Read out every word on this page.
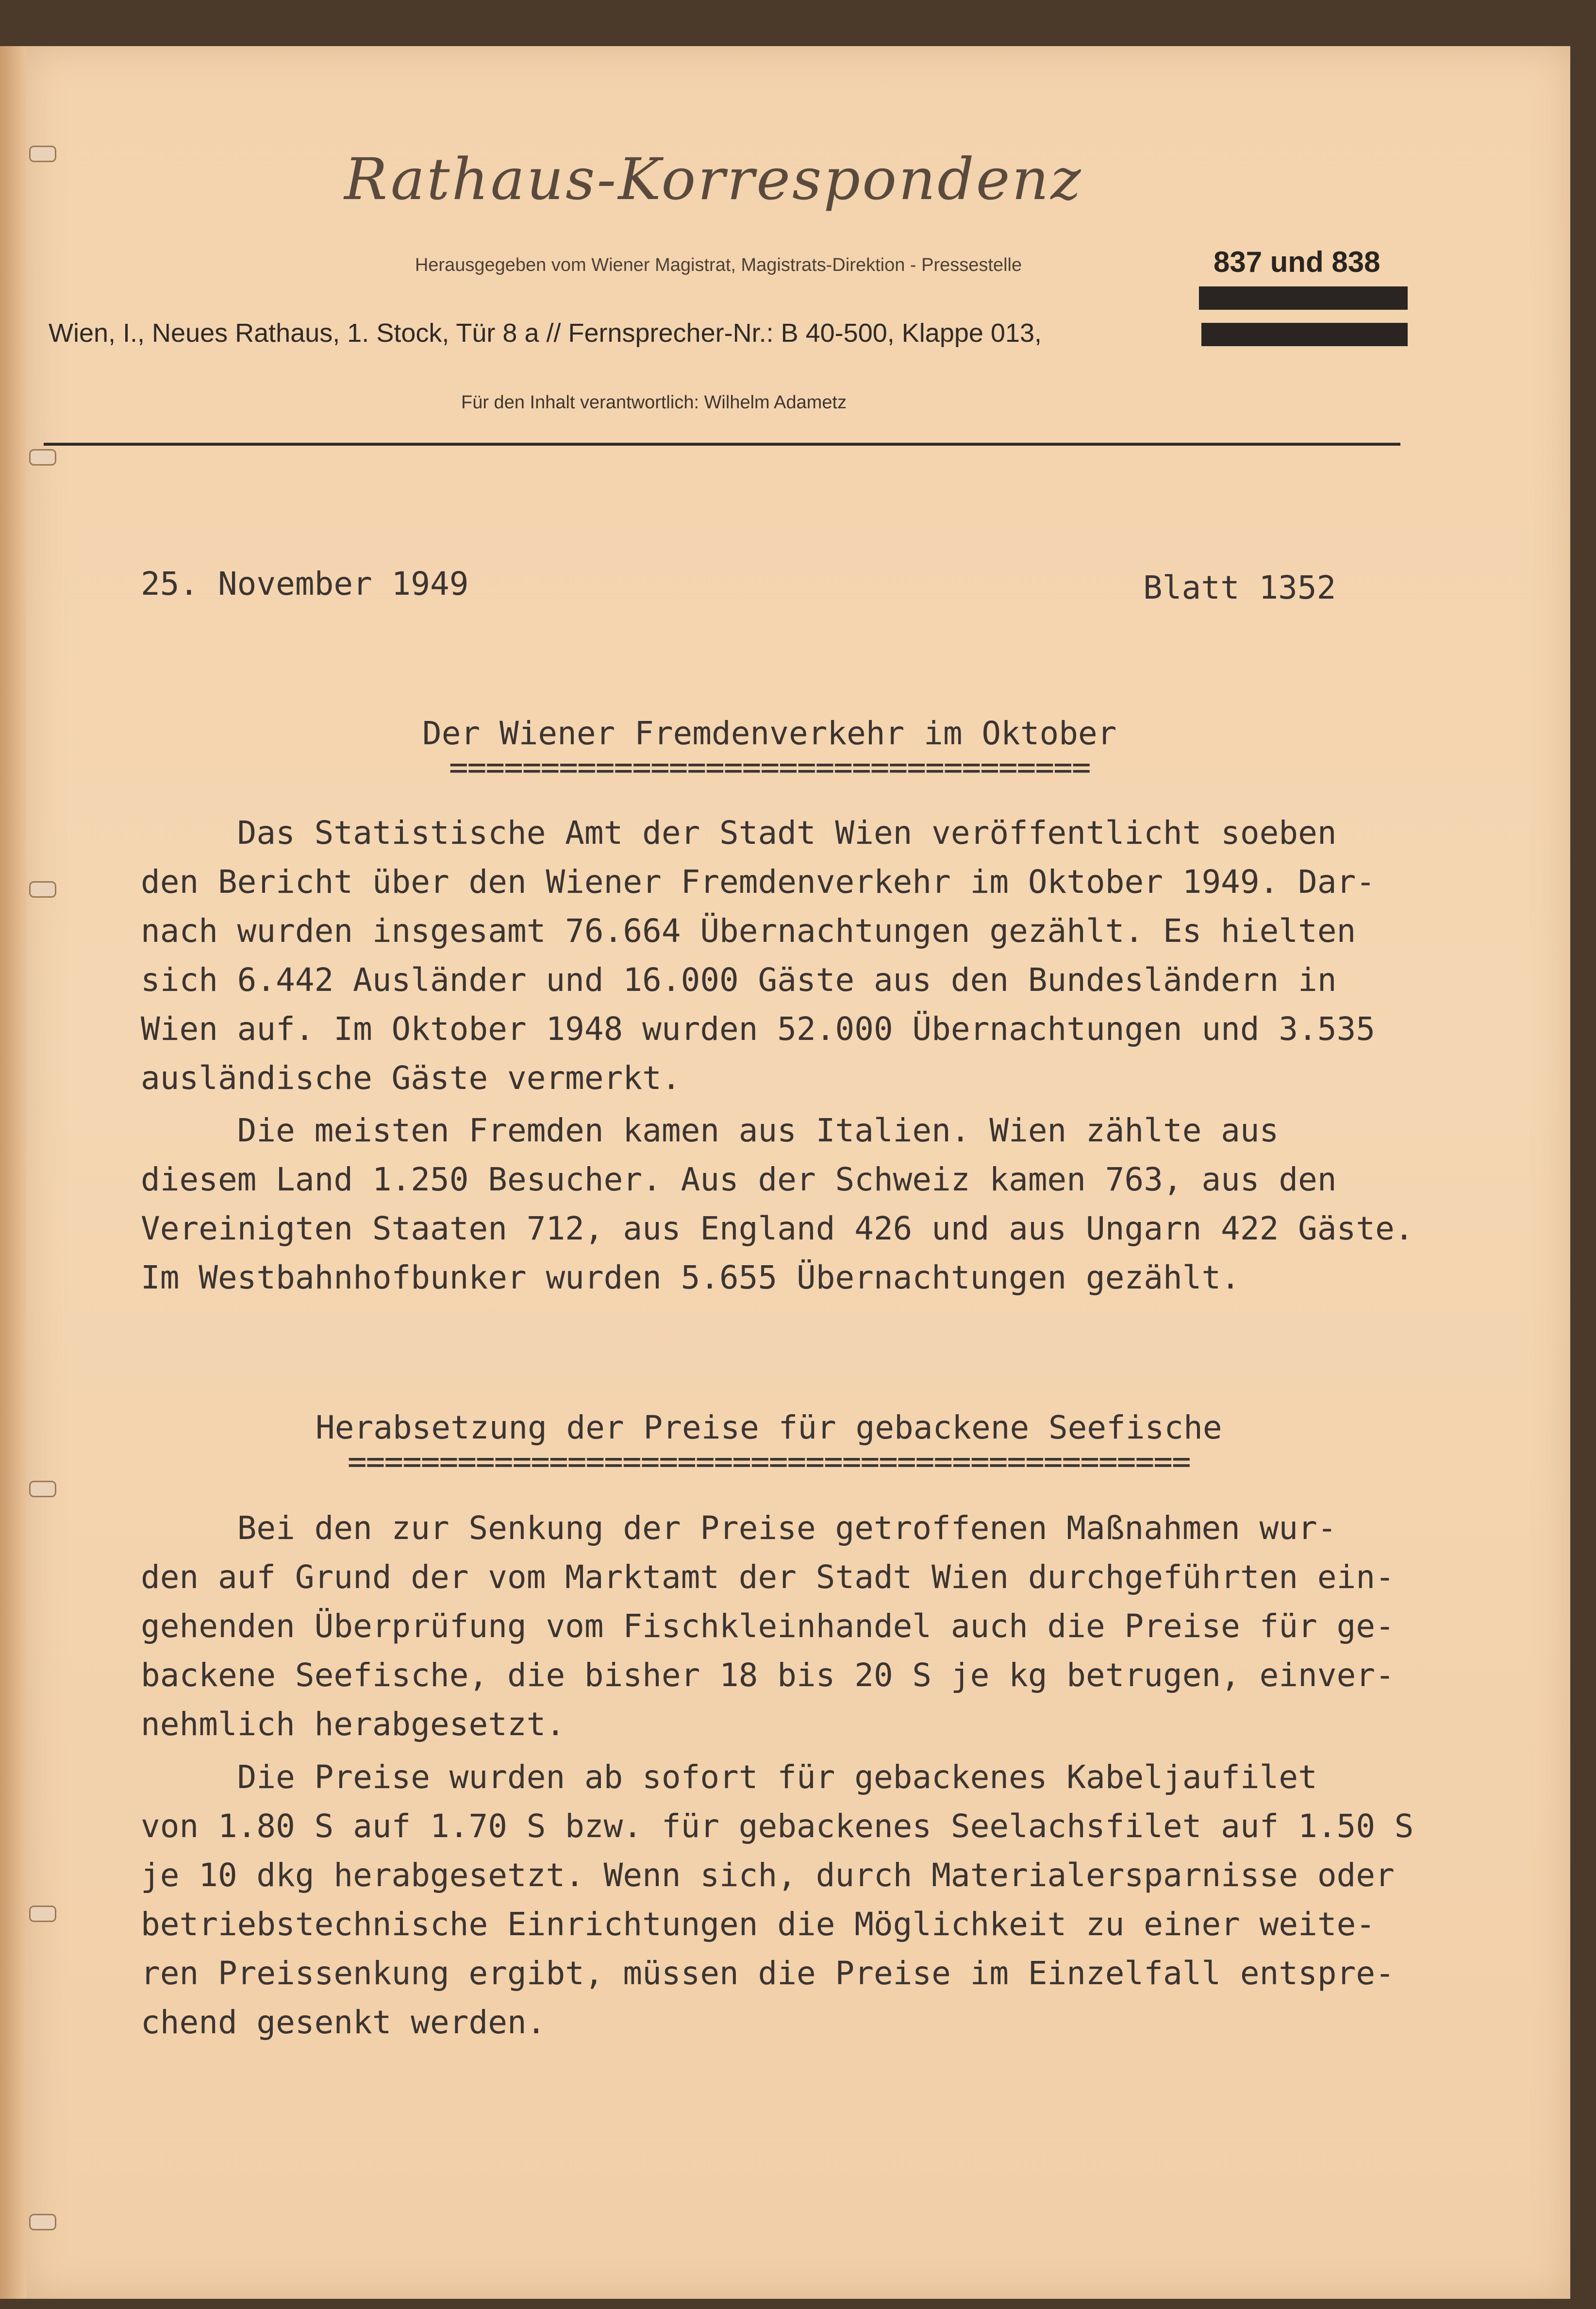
Rathaus-Korrespondenz
Herausgegeben vom Wiener Magistrat, Magistrats-Direktion - Pressestelle	837 und 838
Wien, I., Neues Rathaus, 1. Stock, Tür 8 a // Fernsprecher-Nr.: B 40-500, Klappe 013,
Für den Inhalt verantwortlich: Wilhelm Adametz
25. November 1949	Blatt 1352
Der Wiener Fremdenverkehr im Oktober
===================================

Das Statistische Amt der Stadt Wien veröffentlicht soeben
den Bericht über den Wiener Fremdenverkehr im Oktober 1949. Dar-
nach wurden insgesamt 76.664 Übernachtungen gezählt. Es hielten
sich 6.442 Ausländer und 16.000 Gäste aus den Bundesländern in
Wien auf. Im Oktober 1948 wurden 52.000 Übernachtungen und 3.535
ausländische Gäste vermerkt.

Die meisten Fremden kamen aus Italien. Wien zählte aus
diesem Land 1.250 Besucher. Aus der Schweiz kamen 763, aus den
Vereinigten Staaten 712, aus England 426 und aus Ungarn 422 Gäste.
Im Westbahnhofbunker wurden 5.655 Übernachtungen gezählt.

Herabsetzung der Preise für gebackene Seefische
==============================================

Bei den zur Senkung der Preise getroffenen Maßnahmen wur-
den auf Grund der vom Marktamt der Stadt Wien durchgeführten ein-
gehenden Überprüfung vom Fischkleinhandel auch die Preise für ge-
backene Seefische, die bisher 18 bis 20 S je kg betrugen, einver-
nehmlich herabgesetzt.

Die Preise wurden ab sofort für gebackenes Kabeljaufilet
von 1.80 S auf 1.70 S bzw. für gebackenes Seelachsfilet auf 1.50 S
je 10 dkg herabgesetzt. Wenn sich, durch Materialersparnisse oder
betriebstechnische Einrichtungen die Möglichkeit zu einer weite-
ren Preissenkung ergibt, müssen die Preise im Einzelfall entspre-
chend gesenkt werden.
